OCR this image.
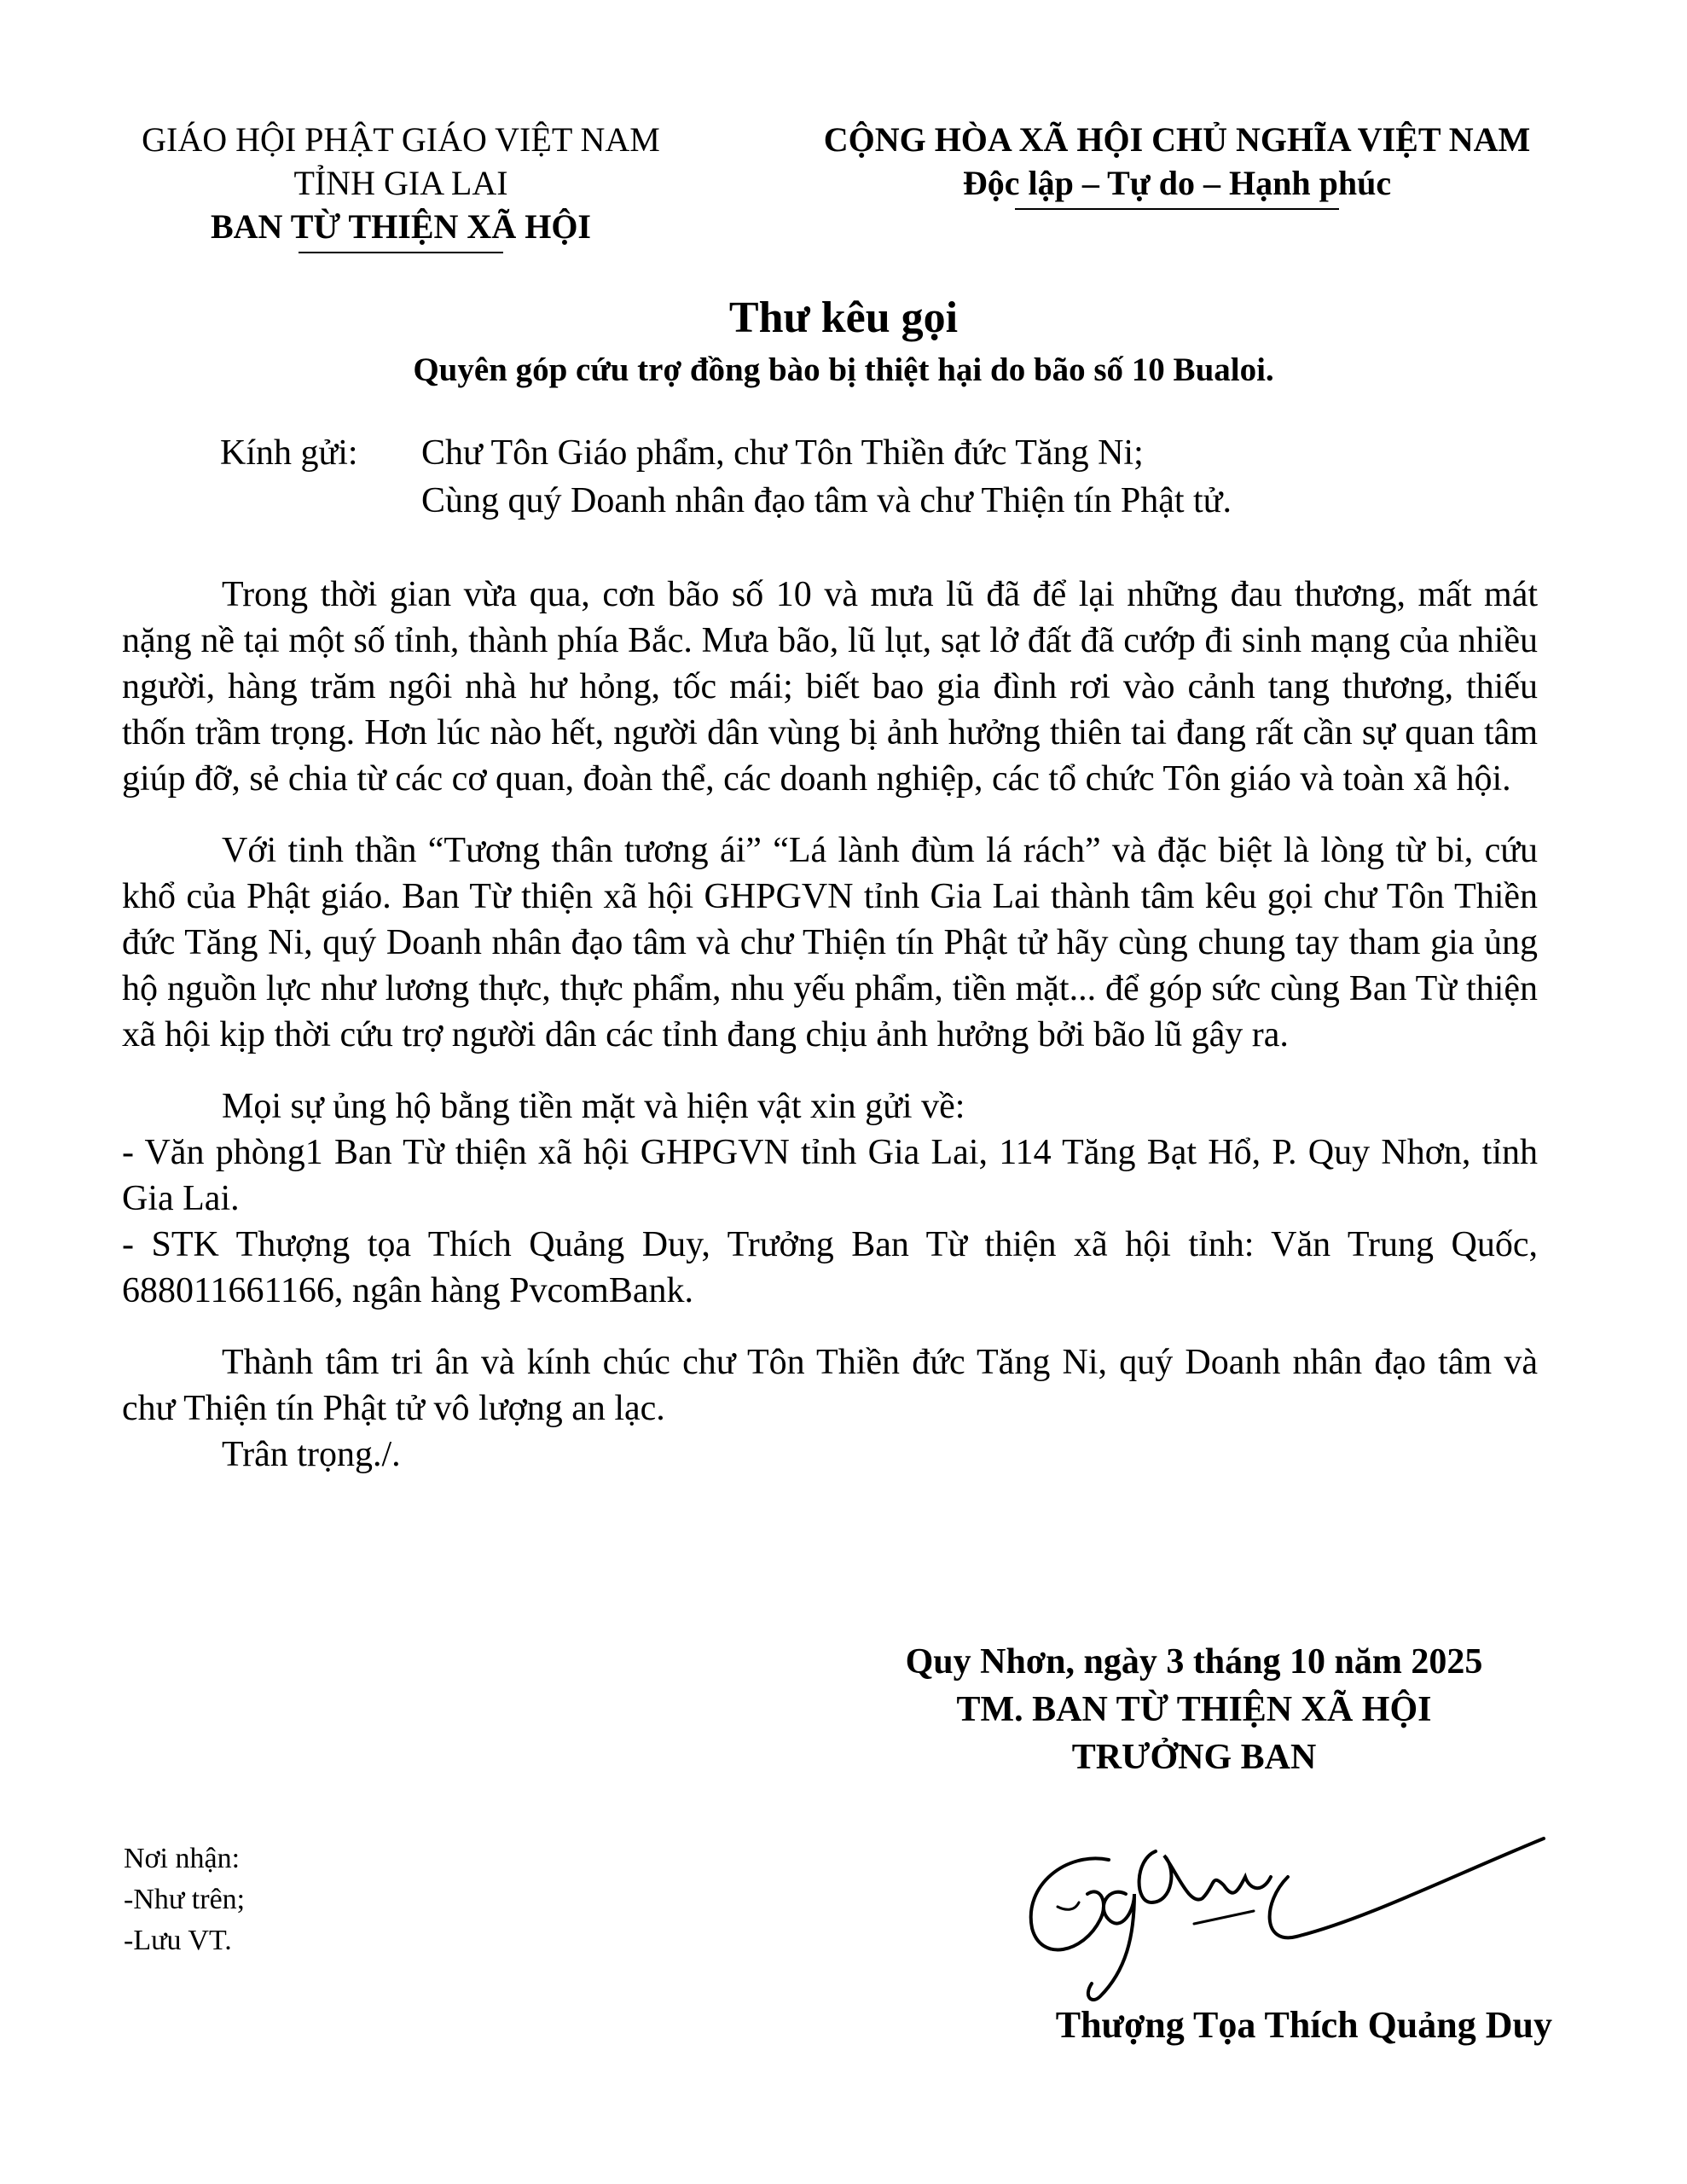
GIÁO HỘI PHẬT GIÁO VIỆT NAM
TỈNH GIA LAI
BAN TỪ THIỆN XÃ HỘI
CỘNG HÒA XÃ HỘI CHỦ NGHĨA VIỆT NAM
Độc lập – Tự do – Hạnh phúc
Thư kêu gọi
Quyên góp cứu trợ đồng bào bị thiệt hại do bão số 10 Bualoi.
Kính gửi:	Chư Tôn Giáo phẩm, chư Tôn Thiền đức Tăng Ni;
Cùng quý Doanh nhân đạo tâm và chư Thiện tín Phật tử.

Trong thời gian vừa qua, cơn bão số 10 và mưa lũ đã để lại những đau thương, mất mát nặng nề tại một số tỉnh, thành phía Bắc. Mưa bão, lũ lụt, sạt lở đất đã cướp đi sinh mạng của nhiều người, hàng trăm ngôi nhà hư hỏng, tốc mái; biết bao gia đình rơi vào cảnh tang thương, thiếu thốn trầm trọng. Hơn lúc nào hết, người dân vùng bị ảnh hưởng thiên tai đang rất cần sự quan tâm giúp đỡ, sẻ chia từ các cơ quan, đoàn thể, các doanh nghiệp, các tổ chức Tôn giáo và toàn xã hội.

Với tinh thần “Tương thân tương ái” “Lá lành đùm lá rách” và đặc biệt là lòng từ bi, cứu khổ của Phật giáo. Ban Từ thiện xã hội GHPGVN tỉnh Gia Lai thành tâm kêu gọi chư Tôn Thiền đức Tăng Ni, quý Doanh nhân đạo tâm và chư Thiện tín Phật tử hãy cùng chung tay tham gia ủng hộ nguồn lực như lương thực, thực phẩm, nhu yếu phẩm, tiền mặt... để góp sức cùng Ban Từ thiện xã hội kịp thời cứu trợ người dân các tỉnh đang chịu ảnh hưởng bởi bão lũ gây ra.

Mọi sự ủng hộ bằng tiền mặt và hiện vật xin gửi về:

- Văn phòng1 Ban Từ thiện xã hội GHPGVN tỉnh Gia Lai, 114 Tăng Bạt Hổ, P. Quy Nhơn, tỉnh Gia Lai.

- STK Thượng tọa Thích Quảng Duy, Trưởng Ban Từ thiện xã hội tỉnh: Văn Trung Quốc, 688011661166, ngân hàng PvcomBank.

Thành tâm tri ân và kính chúc chư Tôn Thiền đức Tăng Ni, quý Doanh nhân đạo tâm và chư Thiện tín Phật tử vô lượng an lạc.

Trân trọng./.

Quy Nhơn, ngày 3 tháng 10 năm 2025
TM. BAN TỪ THIỆN XÃ HỘI
TRƯỞNG BAN
Thượng Tọa Thích Quảng Duy
Nơi nhận:
-Như trên;
-Lưu VT.
